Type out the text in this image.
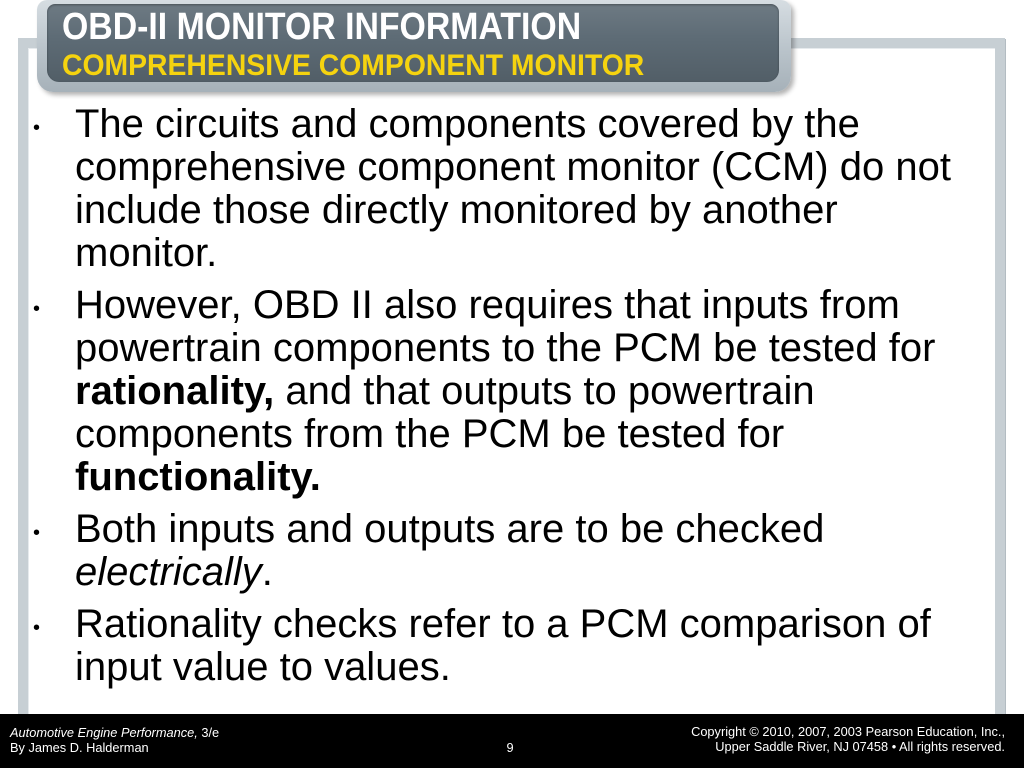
OBD-II MONITOR INFORMATION
COMPREHENSIVE COMPONENT MONITOR
• The circuits and components covered by the comprehensive component monitor (CCM) do not include those directly monitored by another monitor.
• However, OBD II also requires that inputs from powertrain components to the PCM be tested for rationality, and that outputs to powertrain components from the PCM be tested for functionality.
• Both inputs and outputs are to be checked electrically.
• Rationality checks refer to a PCM comparison of input value to values.
Automotive Engine Performance, 3/e
By James D. Halderman	9
Copyright © 2010, 2007, 2003 Pearson Education, Inc.,
Upper Saddle River, NJ 07458 • All rights reserved.
